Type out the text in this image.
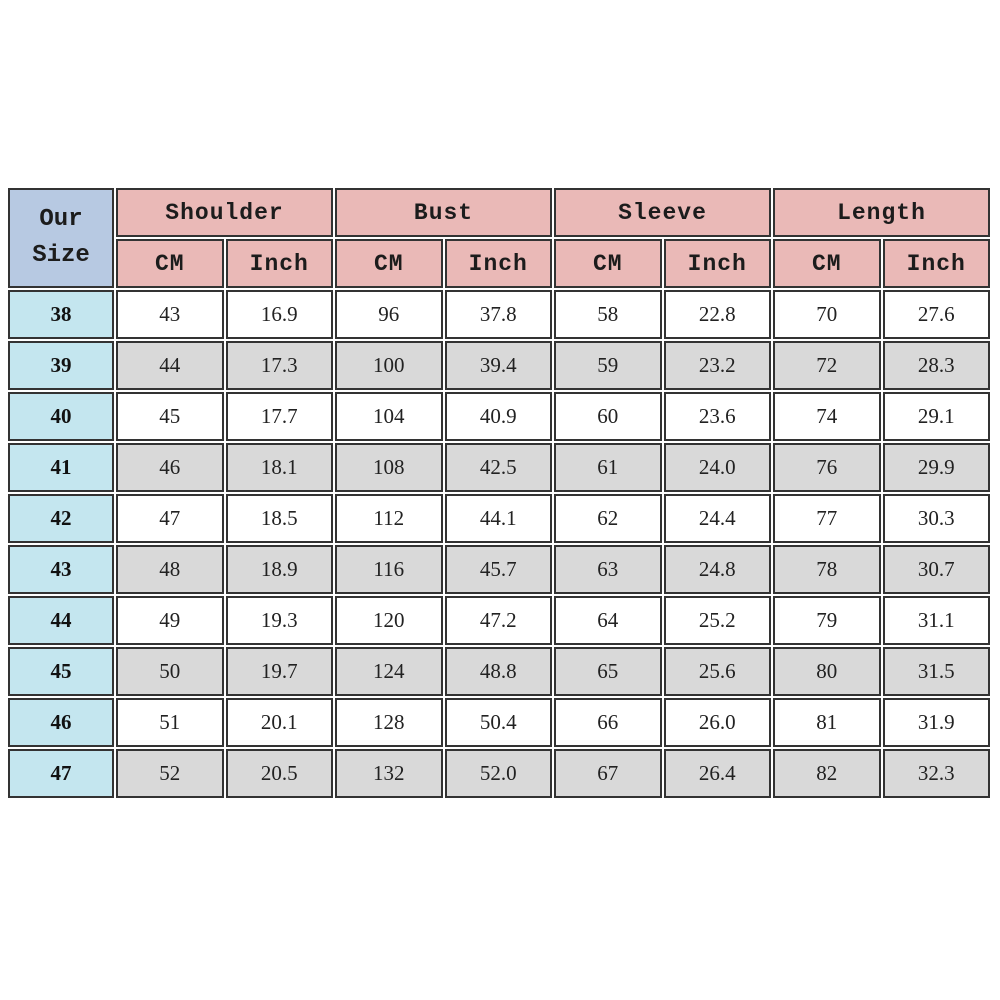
Our
Size	Shoulder		Bust		Sleeve		Length	
	CM	Inch	CM	Inch	CM	Inch	CM	Inch
38	43	16.9	96	37.8	58	22.8	70	27.6
39	44	17.3	100	39.4	59	23.2	72	28.3
40	45	17.7	104	40.9	60	23.6	74	29.1
41	46	18.1	108	42.5	61	24.0	76	29.9
42	47	18.5	112	44.1	62	24.4	77	30.3
43	48	18.9	116	45.7	63	24.8	78	30.7
44	49	19.3	120	47.2	64	25.2	79	31.1
45	50	19.7	124	48.8	65	25.6	80	31.5
46	51	20.1	128	50.4	66	26.0	81	31.9
47	52	20.5	132	52.0	67	26.4	82	32.3
